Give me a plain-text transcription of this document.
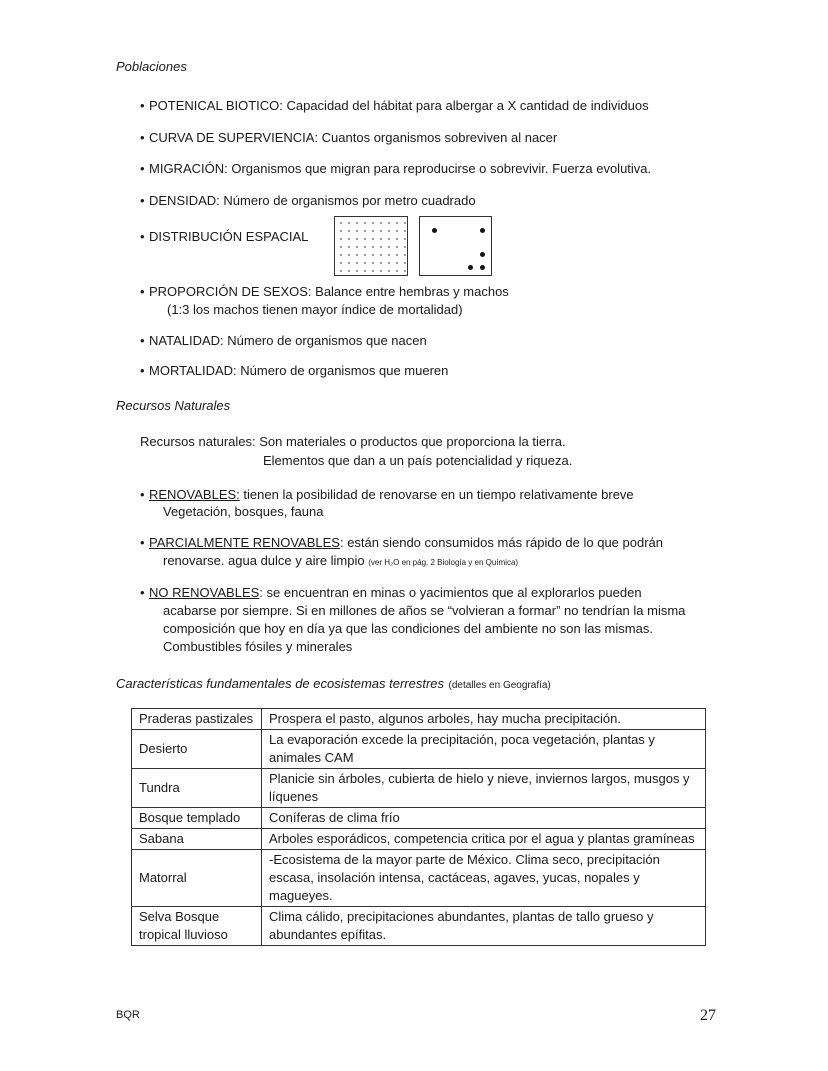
Poblaciones
• POTENICAL BIOTICO: Capacidad del hábitat para albergar a X cantidad de individuos
• CURVA DE SUPERVIENCIA: Cuantos organismos sobreviven al nacer
• MIGRACIÓN: Organismos que migran para reproducirse o sobrevivir. Fuerza evolutiva.
• DENSIDAD: Número de organismos por metro cuadrado
• DISTRIBUCIÓN ESPACIAL
• PROPORCIÓN DE SEXOS: Balance entre hembras y machos
(1:3 los machos tienen mayor índice de mortalidad)
• NATALIDAD: Número de organismos que nacen
• MORTALIDAD: Número de organismos que mueren
Recursos Naturales
Recursos naturales: Son materiales o productos que proporciona la tierra.
Elementos que dan a un país potencialidad y riqueza.
• RENOVABLES: tienen la posibilidad de renovarse en un tiempo relativamente breve
Vegetación, bosques, fauna
• PARCIALMENTE RENOVABLES: están siendo consumidos más rápido de lo que podrán
renovarse. agua dulce y aire limpio (ver H₂O en pág. 2 Biología y en Química)
• NO RENOVABLES: se encuentran en minas o yacimientos que al explorarlos pueden
acabarse por siempre. Si en millones de años se “volvieran a formar” no tendrían la misma
composición que hoy en día ya que las condiciones del ambiente no son las mismas.
Combustibles fósiles y minerales
Características fundamentales de ecosistemas terrestres (detalles en Geografía)
Praderas pastizales	Prospera el pasto, algunos arboles, hay mucha precipitación.
Desierto	La evaporación excede la precipitación, poca vegetación, plantas y animales CAM
Tundra	Planicie sin árboles, cubierta de hielo y nieve, inviernos largos, musgos y líquenes
Bosque templado	Coníferas de clima frío
Sabana	Arboles esporádicos, competencia critica por el agua y plantas gramíneas
Matorral	-Ecosistema de la mayor parte de México. Clima seco, precipitación escasa, insolación intensa, cactáceas, agaves, yucas, nopales y magueyes.
Selva Bosque tropical lluvioso	Clima cálido, precipitaciones abundantes, plantas de tallo grueso y abundantes epífitas.
BQR	27
